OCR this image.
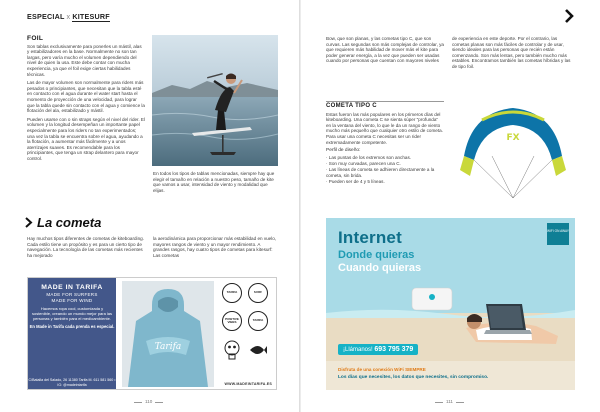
ESPECIAL x KITESURF
FOIL

Son tablas exclusivamente para ponerles un mástil, alas y estabilizadores en la base. Normalmente no son tan largas, pero varía mucho el volumen dependiendo del nivel de quien la usa. Este debe contar con mucha experiencia, ya que el foil exige ciertas habilidades técnicas.

Las de mayor volumen son normalmente para riders más pesados o principiantes, que necesitan que la tabla esté en contacto con el agua durante el water start hasta el momento de proyección de una velocidad, para lograr que la tabla quede sin contacto con el agua y comience la flotación del ala, estabilizado y mástil.

Pueden usarse con o sin straps según el nivel del rider. El volumen y la longitud desempeñan un importante papel especialmente para los riders no tan experimentados; una vez la tabla se encuentra sobre el agua, ayudando a la flotación, a aumentar más fácilmente y a unos aterrizajes suaves. Es recomendable para los principiantes, que tenga un strap delantero para mayor control.

En todos los tipos de tablas mencionadas, siempre hay que elegir el tamaño en relación a nuestro peso, tamaño de kite que vamos a usar, intensidad de viento y modalidad que elijas.
La cometa

Hay muchos tipos diferentes de cometas de kiteboarding. Cada estilo tiene un propósito y es para un cierto tipo de navegación. La tecnología de las cometas más recientes ha mejorado

la aerodinámica para proporcionar más estabilidad en vuelo, mayores rangos de viento y un mayor rendimiento. A grandes rasgos, hay cuatro tipos de cometas para kitesurf: Las cometas

MADE IN TARIFA
MADE FOR SURFERS
MADE FOR WIND
Hacemos ropa cool, customizada y sostenible, creando un mundo mejor para las personas y también para el medioambiente.
En Made in Tarifa cada prenda es especial.
C/Batalla del Salado, 26 11380 Tarifa M. 611 581 560 • IG: @madeintarifa
Tarifa
TARIFA	SURF
POSITIVE VIBES	TARIFA
WWW.MADEINTARIFA.ES
110

Bow, que son planas, y las cometas tipo C, que son curvas. Las segundas son más complejas de controlar, ya que requieren más habilidad de mover más el kite para poder generar energía, a la vez que pueden ser usadas cuando por personas que cuentan con mayores niveles

de experiencia en este deporte. Por el contrario, las cometas planas son más fáciles de controlar y de usar, siendo ideales para las personas que recién están comenzando. Son más lentas, pero también mucho más estables. Encontramos también las cometas híbridas y las de tipo foil.

COMETA TIPO C

Estas fueron las más populares en los primeros días del kiteboarding. Una cometa C se sienta súper "profunda" en la ventana del viento, lo que le da un rango de viento mucho más pequeño que cualquier otro estilo de cometa. Para usar una cometa C necesitas ser un rider extremadamente competente.

Perfil de diseño:
· Las puntas de los extremos son anchas.
· Son muy curvadas, parecen una C.
· Las líneas de cometa se adhieren directamente a la cometa, sin brida.
· Pueden ser de 4 y 5 líneas.
FX
Internet
Donde quieras
Cuando quieras
¡Llámanos! 693 795 379
WIFI ON AWAY
Disfruta de una conexión WiFi SIEMPRE
Los días que necesites, los datos que necesites, sin compromiso.
111
